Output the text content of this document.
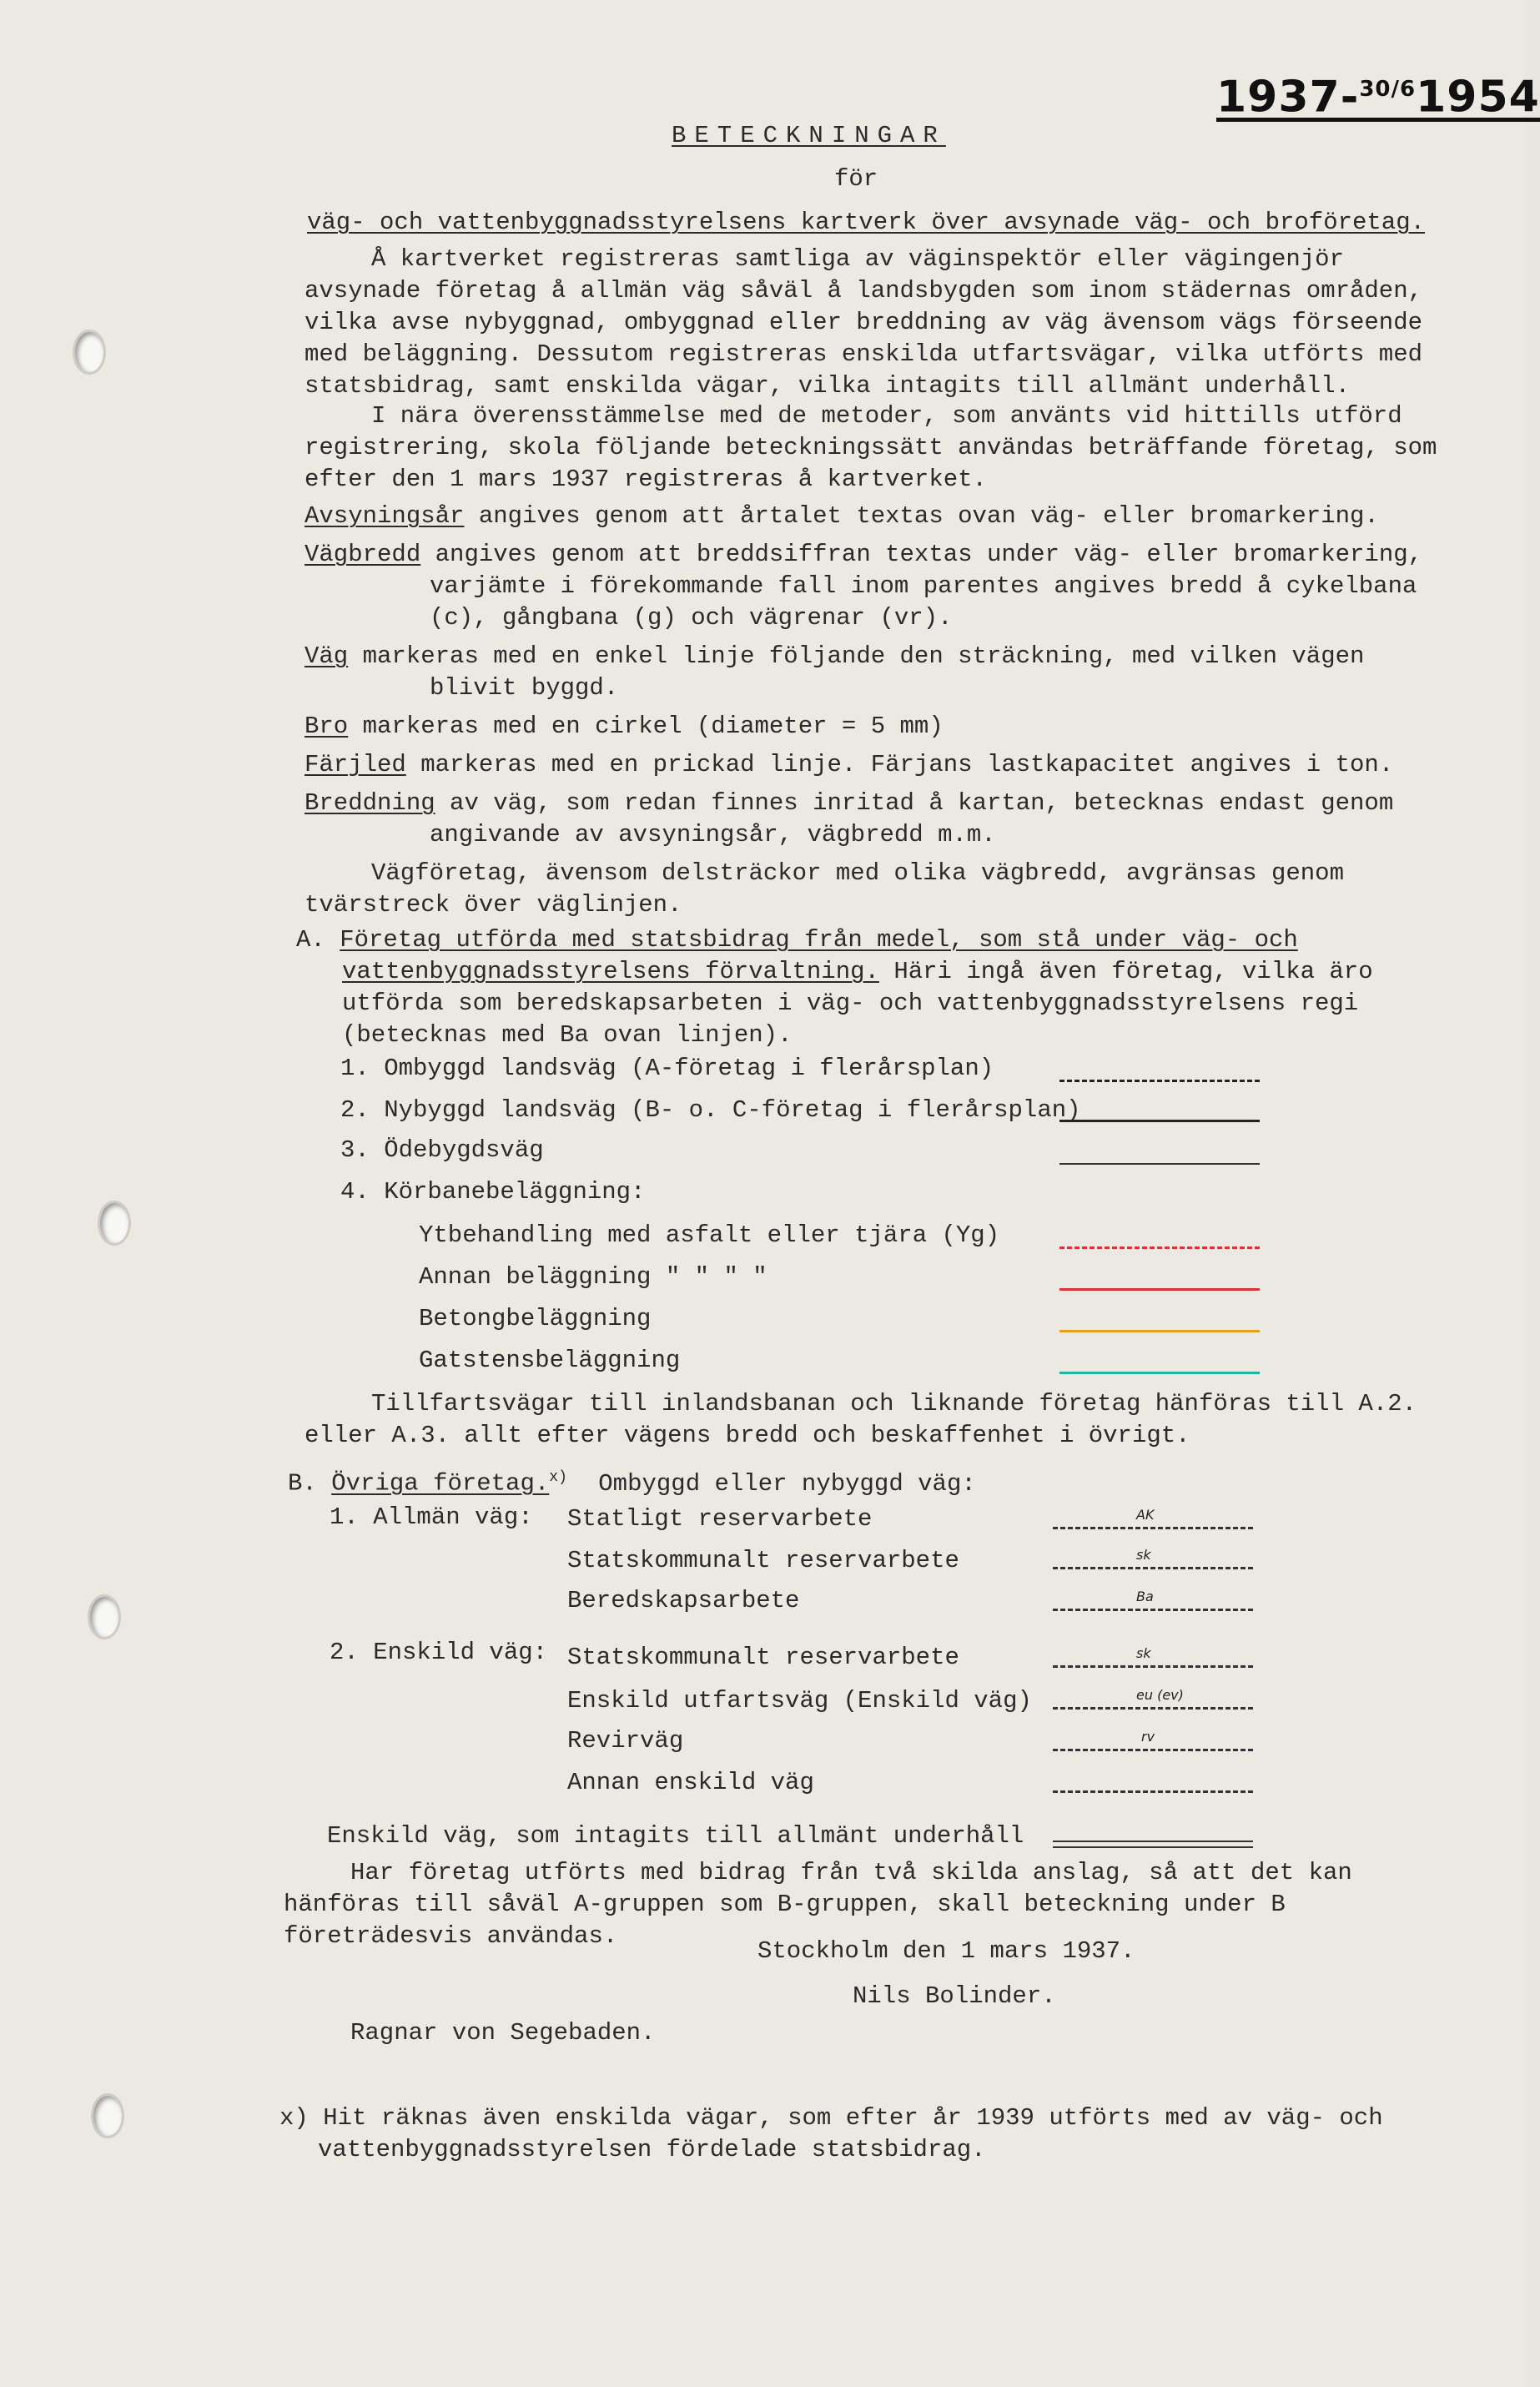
1937-$^{30/6}$1954
BETECKNINGAR
för
väg- och vattenbyggnadsstyrelsens kartverk över avsynade väg- och broföretag.

Å kartverket registreras samtliga av väginspektör eller vägingenjör avsynade företag å allmän väg såväl å landsbygden som inom städernas områden, vilka avse nybyggnad, ombyggnad eller breddning av väg ävensom vägs förseende med beläggning. Dessutom registreras enskilda utfartsvägar, vilka utförts med statsbidrag, samt enskilda vägar, vilka intagits till allmänt underhåll.

I nära överensstämmelse med de metoder, som använts vid hittills utförd registrering, skola följande beteckningssätt användas beträffande företag, som efter den 1 mars 1937 registreras å kartverket.

Avsyningsår angives genom att årtalet textas ovan väg- eller bromarkering.

Vägbredd angives genom att breddsiffran textas under väg- eller bromarkering, varjämte i förekommande fall inom parentes angives bredd å cykelbana (c), gångbana (g) och vägrenar (vr).

Väg markeras med en enkel linje följande den sträckning, med vilken vägen blivit byggd.

Bro markeras med en cirkel (diameter = 5 mm)

Färjled markeras med en prickad linje. Färjans lastkapacitet angives i ton.

Breddning av väg, som redan finnes inritad å kartan, betecknas endast genom angivande av avsyningsår, vägbredd m.m.

Vägföretag, ävensom delsträckor med olika vägbredd, avgränsas genom tvärstreck över väglinjen.

A. Företag utförda med statsbidrag från medel, som stå under väg- och vattenbyggnadsstyrelsens förvaltning. Häri ingå även företag, vilka äro utförda som beredskapsarbeten i väg- och vattenbyggnadsstyrelsens regi (betecknas med Ba ovan linjen).

1. Ombyggd landsväg (A-företag i flerårsplan)
2. Nybyggd landsväg (B- o. C-företag i flerårsplan)
3. Ödebygdsväg
4. Körbanebeläggning:
Ytbehandling med asfalt eller tjära (Yg)
Annan beläggning " " " "
Betongbeläggning
Gatstensbeläggning

Tillfartsvägar till inlandsbanan och liknande företag hänföras till A.2. eller A.3. allt efter vägens bredd och beskaffenhet i övrigt.

B. Övriga företag.$^{x)}$ Ombyggd eller nybyggd väg:
1. Allmän väg: Statligt reservarbete
Statskommunalt reservarbete
Beredskapsarbete
2. Enskild väg: Statskommunalt reservarbete
Enskild utfartsväg (Enskild väg)
Revirväg
Annan enskild väg
AK
sk
Ba
sk
eu (ev)
rv
Enskild väg, som intagits till allmänt underhåll

Har företag utförts med bidrag från två skilda anslag, så att det kan hänföras till såväl A-gruppen som B-gruppen, skall beteckning under B företrädesvis användas.

Stockholm den 1 mars 1937.
Nils Bolinder.
Ragnar von Segebaden.

x) Hit räknas även enskilda vägar, som efter år 1939 utförts med av väg- och vattenbyggnadsstyrelsen fördelade statsbidrag.
